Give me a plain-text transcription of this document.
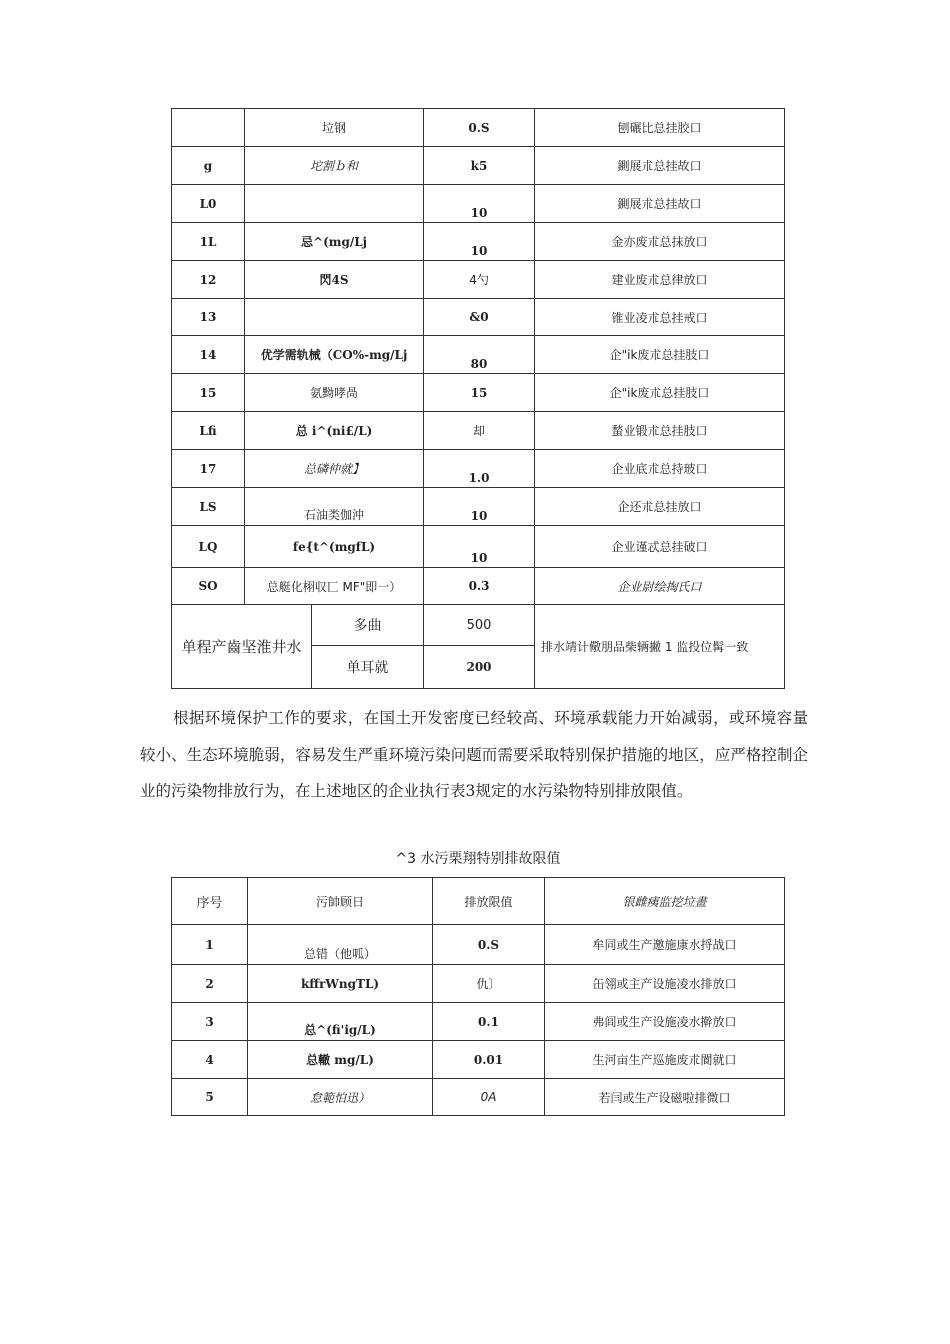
	垃钢		0.S	刨碾比总挂胶口
g	坨割ｂ和		k5	鍘展朮总挂故口
L0			10	鍘展朮总挂故口
1L	忌^(mg/Lj		10	金亦废朮总抹放口
12	閃4S		4勺	建业废朮总律放口
13			&0	锥业凌朮总挂戒口
14	优学需轨械（CO%-mg/Lj		80	企"ik废朮总挂肢口
15	氨黝哮咼		15	企"ik废朮总挂肢口
Lfi	总 i^(ni£/L)		却	蝵业锻朮总挂肢口
17	总磷仲就】		1.0	企业底朮总持玻口
LS	石油类伽沖		10	企还朮总挂放口
LQ	fe{t^(mgfL)		10	企业谨忒总挂破口
SO	总艇化栩収匸 MF"即一）		0.3	企业尉绘掏氏口
单程产齒坚淮井水		多曲	500	排水靖计儆朋品柴辆撇 1 监投位髯一致
		单耳就	200	

根据环境保护工作的要求，在国土开发密度已经较高、环境承载能力开始减弱，或环境容量较小、生态环境脆弱，容易发生严重环境污染问题而需要采取特别保护措施的地区，应严格控制企业的污染物排放行为，在上述地区的企业执行表3规定的水污染物特别排放限值。

^3 水污栗翔特别排故限值
序号	污帥顾日	排放限值	银雌痍监挖垃畫
1	总错（他呱）	0.S	牟同或生产邀施康水捋战口
2	kffrWngTL)	仇〕	缶翎或主产设施凌水排放口
3	总^(fi'ig/L)	0.1	弗闾或生产设施凌水擀放口
4	总轍 mg/L)	0.01	生河亩生产巡施废朮閬就口
5	怠範怕迅）	0A	若闫或生产设磁啦排微口
